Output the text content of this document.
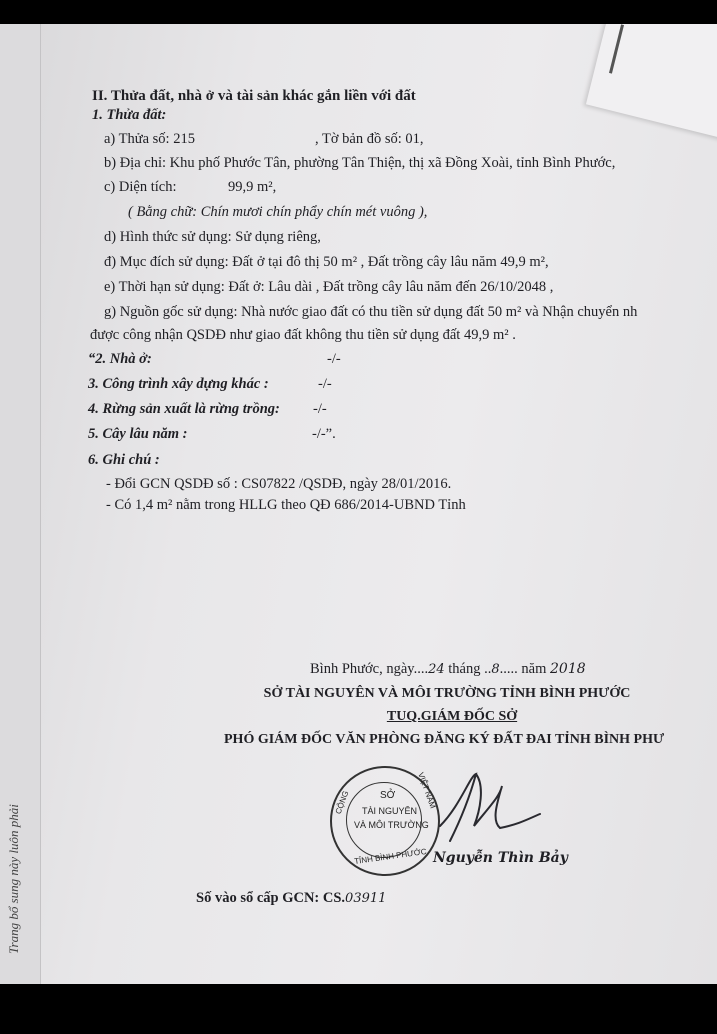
Trang bổ sung này luôn phải
II. Thửa đất, nhà ở và tài sản khác gắn liền với đất
1. Thửa đất:
a) Thửa số: 215	, Tờ bản đồ số: 01,
b) Địa chỉ: Khu phố Phước Tân, phường Tân Thiện, thị xã Đồng Xoài, tỉnh Bình Phước,
c) Diện tích:	99,9 m²,
( Bằng chữ: Chín mươi chín phẩy chín mét vuông ),
d) Hình thức sử dụng: Sử dụng riêng,
đ) Mục đích sử dụng: Đất ở tại đô thị 50 m² , Đất trồng cây lâu năm 49,9 m²,
e) Thời hạn sử dụng: Đất ở: Lâu dài , Đất trồng cây lâu năm đến 26/10/2048 ,
g) Nguồn gốc sử dụng: Nhà nước giao đất có thu tiền sử dụng đất 50 m² và Nhận chuyển nh
được công nhận QSDĐ như giao đất không thu tiền sử dụng đất 49,9 m² .
“2. Nhà ở:	-/-
3. Công trình xây dựng khác :	-/-
4. Rừng sản xuất là rừng trồng: -/-
5. Cây lâu năm :	-/-”.
6. Ghi chú :
- Đổi GCN QSDĐ số : CS07822 /QSDĐ, ngày 28/01/2016.
- Có 1,4 m² nằm trong HLLG theo QĐ 686/2014-UBND Tỉnh
Bình Phước, ngày....24 tháng ..8..... năm 2018
SỞ TÀI NGUYÊN VÀ MÔI TRƯỜNG TỈNH BÌNH PHƯỚC
TUQ.GIÁM ĐỐC SỞ
PHÓ GIÁM ĐỐC VĂN PHÒNG ĐĂNG KÝ ĐẤT ĐAI TỈNH BÌNH PHƯ
SỞ
TÀI NGUYÊN
VÀ MÔI TRƯỜNG
CỘNG	VIỆT NAM
TỈNH BÌNH PHƯỚC Nguyễn Thìn Bảy
Số vào sổ cấp GCN: CS.03911
